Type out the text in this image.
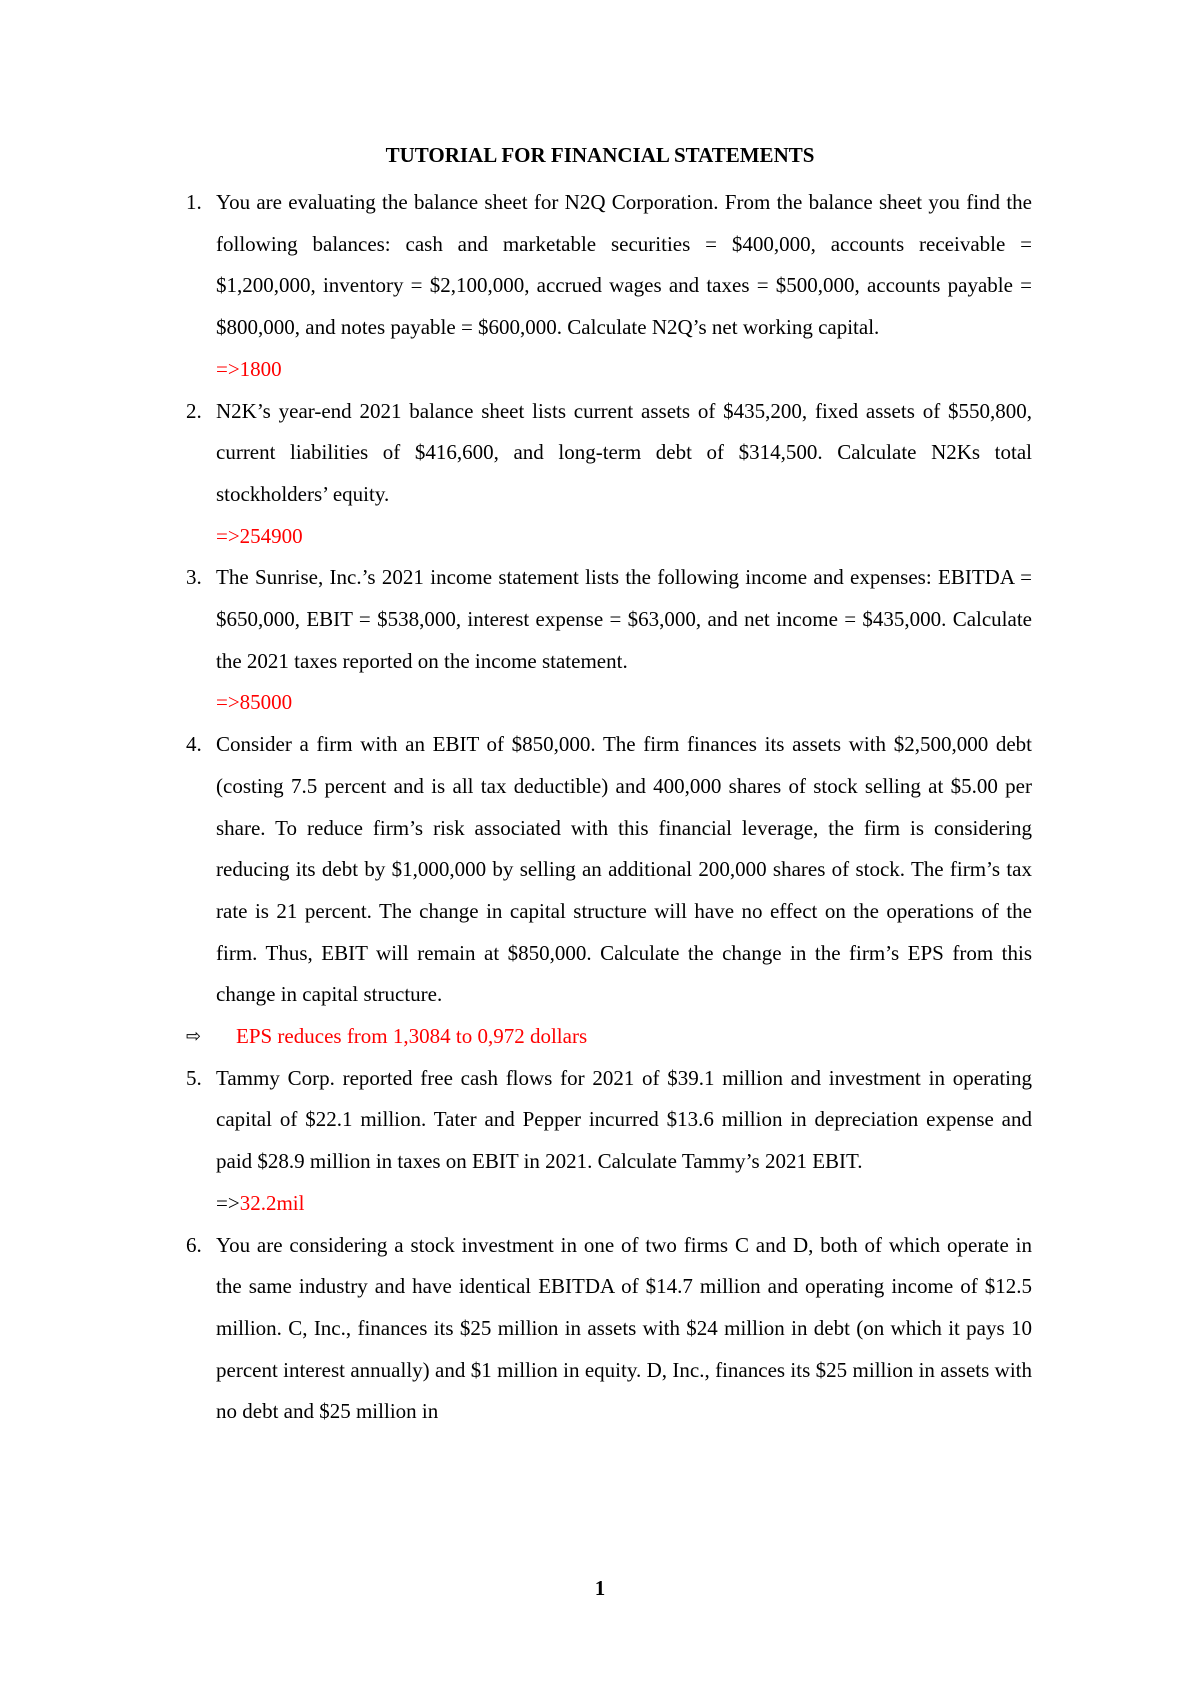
TUTORIAL FOR FINANCIAL STATEMENTS
1. You are evaluating the balance sheet for N2Q Corporation. From the balance sheet you find the following balances: cash and marketable securities = $400,000, accounts receivable = $1,200,000, inventory = $2,100,000, accrued wages and taxes = $500,000, accounts payable = $800,000, and notes payable = $600,000. Calculate N2Q’s net working capital.
=>1800
2. N2K’s year-end 2021 balance sheet lists current assets of $435,200, fixed assets of $550,800, current liabilities of $416,600, and long-term debt of $314,500. Calculate N2Ks total stockholders’ equity.
=>254900
3. The Sunrise, Inc.’s 2021 income statement lists the following income and expenses: EBITDA = $650,000, EBIT = $538,000, interest expense = $63,000, and net income = $435,000. Calculate the 2021 taxes reported on the income statement.
=>85000
4. Consider a firm with an EBIT of $850,000. The firm finances its assets with $2,500,000 debt (costing 7.5 percent and is all tax deductible) and 400,000 shares of stock selling at $5.00 per share. To reduce firm’s risk associated with this financial leverage, the firm is considering reducing its debt by $1,000,000 by selling an additional 200,000 shares of stock. The firm’s tax rate is 21 percent. The change in capital structure will have no effect on the operations of the firm. Thus, EBIT will remain at $850,000. Calculate the change in the firm’s EPS from this change in capital structure.
⇨ EPS reduces from 1,3084 to 0,972 dollars
5. Tammy Corp. reported free cash flows for 2021 of $39.1 million and investment in operating capital of $22.1 million. Tater and Pepper incurred $13.6 million in depreciation expense and paid $28.9 million in taxes on EBIT in 2021. Calculate Tammy’s 2021 EBIT.
=>32.2mil
6. You are considering a stock investment in one of two firms C and D, both of which operate in the same industry and have identical EBITDA of $14.7 million and operating income of $12.5 million. C, Inc., finances its $25 million in assets with $24 million in debt (on which it pays 10 percent interest annually) and $1 million in equity. D, Inc., finances its $25 million in assets with no debt and $25 million in
1
